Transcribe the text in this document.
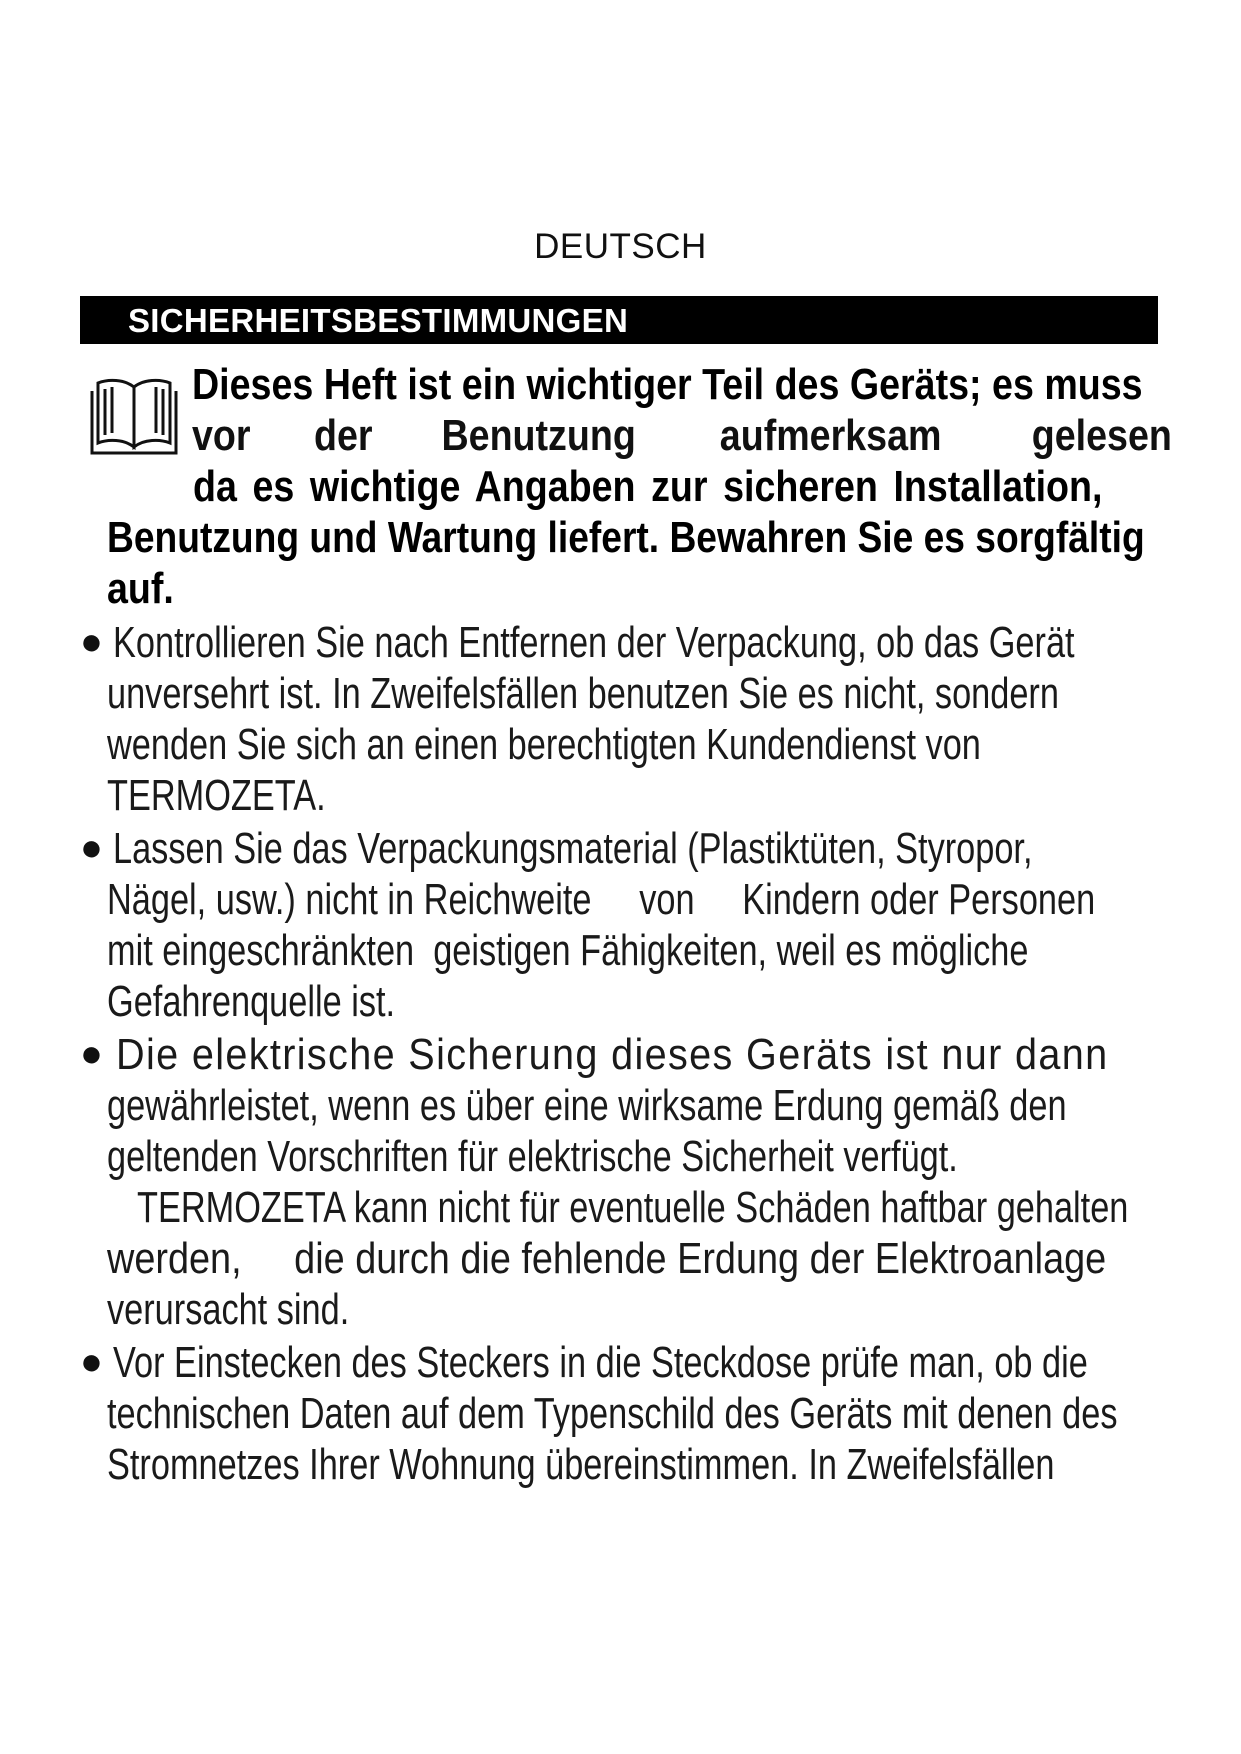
DEUTSCH
SICHERHEITSBESTIMMUNGEN
Dieses Heft ist ein wichtiger Teil des Geräts; es muss
vor der Benutzung aufmerksam gelesen
da es wichtige Angaben zur sicheren Installation,
Benutzung und Wartung liefert. Bewahren Sie es sorgfältig
auf.
● Kontrollieren Sie nach Entfernen der Verpackung, ob das Gerät
unversehrt ist. In Zweifelsfällen benutzen Sie es nicht, sondern
wenden Sie sich an einen berechtigten Kundendienst von
TERMOZETA.
● Lassen Sie das Verpackungsmaterial (Plastiktüten, Styropor,
Nägel, usw.) nicht in Reichweite     von     Kindern oder Personen
mit eingeschränkten  geistigen Fähigkeiten, weil es mögliche
Gefahrenquelle ist.
● Die elektrische Sicherung dieses Geräts ist nur dann
gewährleistet, wenn es über eine wirksame Erdung gemäß den
geltenden Vorschriften für elektrische Sicherheit verfügt.
TERMOZETA kann nicht für eventuelle Schäden haftbar gehalten
werden,     die durch die fehlende Erdung der Elektroanlage
verursacht sind.
● Vor Einstecken des Steckers in die Steckdose prüfe man, ob die
technischen Daten auf dem Typenschild des Geräts mit denen des
Stromnetzes Ihrer Wohnung übereinstimmen. In Zweifelsfällen
